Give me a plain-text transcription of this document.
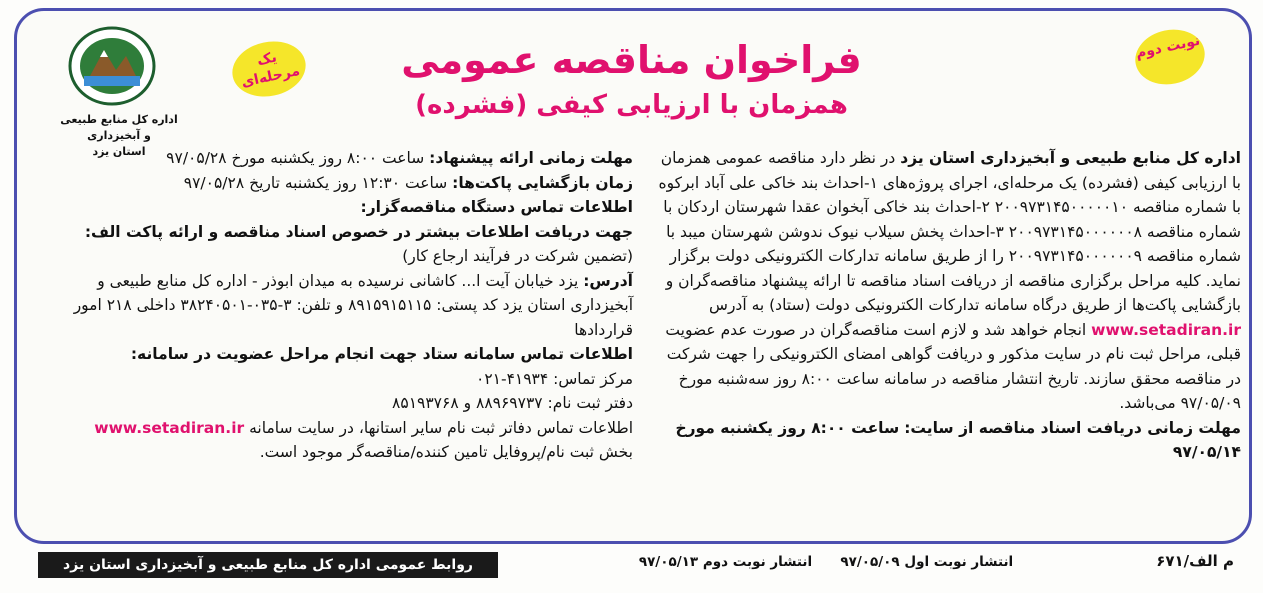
اداره کل منابع طبیعی و آبخیزداری
استان یزد
نوبت دوم
یک مرحله‌ای	فراخوان مناقصه عمومی
همزمان با ارزیابی کیفی (فشرده)
اداره کل منابع طبیعی و آبخیزداری استان یزد در نظر دارد مناقصه عمومی همزمان با ارزیابی کیفی (فشرده) یک مرحله‌ای، اجرای پروژه‌های ۱-احداث بند خاکی علی آباد ابرکوه با شماره مناقصه ۲۰۰۹۷۳۱۴۵۰۰۰۰۰۱۰ ۲-احداث بند خاکی آبخوان عقدا شهرستان اردکان با شماره مناقصه ۲۰۰۹۷۳۱۴۵۰۰۰۰۰۰۸ ۳-احداث پخش سیلاب نیوک ندوشن شهرستان میبد با شماره مناقصه ۲۰۰۹۷۳۱۴۵۰۰۰۰۰۰۹ را از طریق سامانه تدارکات الکترونیکی دولت برگزار نماید. کلیه مراحل برگزاری مناقصه از دریافت اسناد مناقصه تا ارائه پیشنهاد مناقصه‌گران و بازگشایی پاکت‌ها از طریق درگاه سامانه تدارکات الکترونیکی دولت (ستاد) به آدرس www.setadiran.ir انجام خواهد شد و لازم است مناقصه‌گران در صورت عدم عضویت قبلی، مراحل ثبت نام در سایت مذکور و دریافت گواهی امضای الکترونیکی را جهت شرکت در مناقصه محقق سازند. تاریخ انتشار مناقصه در سامانه ساعت ۸:۰۰ روز سه‌شنبه مورخ ۹۷/۰۵/۰۹ می‌باشد.
مهلت زمانی دریافت اسناد مناقصه از سایت: ساعت ۸:۰۰ روز یکشنبه مورخ ۹۷/۰۵/۱۴
مهلت زمانی ارائه پیشنهاد: ساعت ۸:۰۰ روز یکشنبه مورخ ۹۷/۰۵/۲۸
زمان بازگشایی پاکت‌ها: ساعت ۱۲:۳۰ روز یکشنبه تاریخ ۹۷/۰۵/۲۸
اطلاعات تماس دستگاه مناقصه‌گزار:
جهت دریافت اطلاعات بیشتر در خصوص اسناد مناقصه و ارائه پاکت الف:
(تضمین شرکت در فرآیند ارجاع کار)
آدرس: یزد خیابان آیت ا... کاشانی نرسیده به میدان ابوذر - اداره کل منابع طبیعی و آبخیزداری استان یزد کد پستی: ۸۹۱۵۹۱۵۱۱۵ و تلفن: ۳-۰۳۵-۳۸۲۴۰۵۰۱ داخلی ۲۱۸ امور قراردادها
اطلاعات تماس سامانه ستاد جهت انجام مراحل عضویت در سامانه:
مرکز تماس: ۴۱۹۳۴-۰۲۱
دفتر ثبت نام: ۸۸۹۶۹۷۳۷ و ۸۵۱۹۳۷۶۸
اطلاعات تماس دفاتر ثبت نام سایر استانها، در سایت سامانه www.setadiran.ir
بخش ثبت نام/پروفایل تامین کننده/مناقصه‌گر موجود است.
روابط عمومی اداره کل منابع طبیعی و آبخیزداری استان یزد	انتشار نوبت اول ۹۷/۰۵/۰۹      انتشار نوبت دوم ۹۷/۰۵/۱۳	م الف/۶۷۱
